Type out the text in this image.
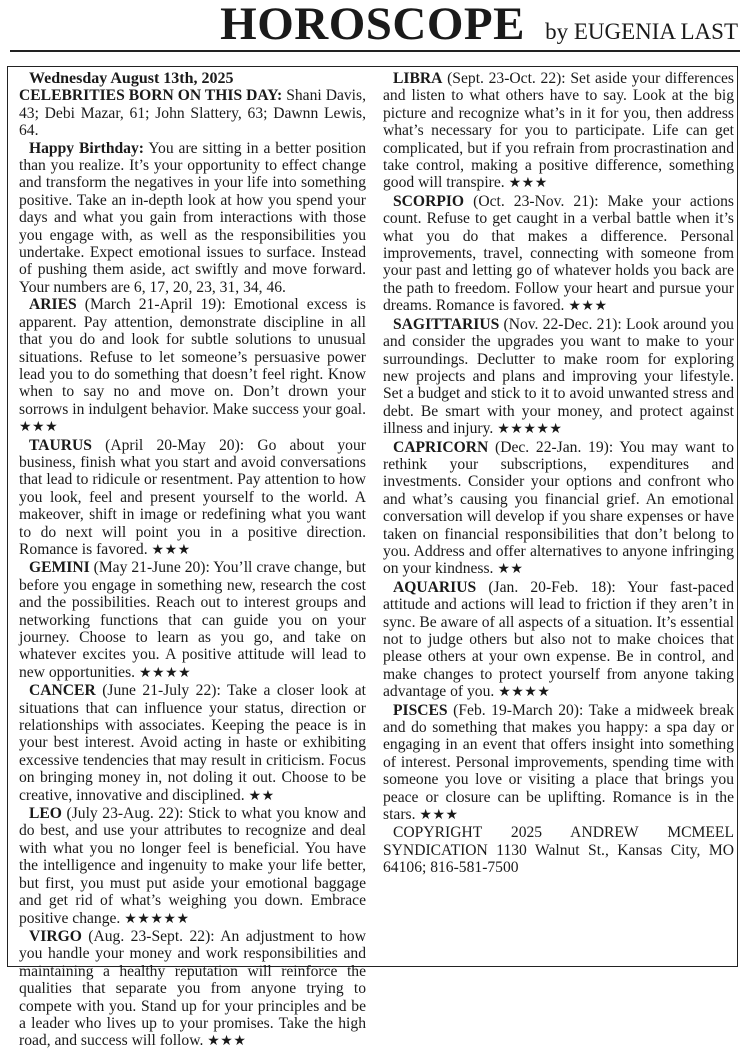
HOROSCOPE by EUGENIA LAST

Wednesday August 13th, 2025

CELEBRITIES BORN ON THIS DAY: Shani Davis, 43; Debi Mazar, 61; John Slattery, 63; Dawnn Lewis, 64.

Happy Birthday: You are sitting in a better position than you realize. It’s your opportunity to effect change and transform the negatives in your life into something positive. Take an in-depth look at how you spend your days and what you gain from interactions with those you engage with, as well as the responsibilities you undertake. Expect emotional issues to surface. Instead of pushing them aside, act swiftly and move forward. Your numbers are 6, 17, 20, 23, 31, 34, 46.

ARIES (March 21-April 19): Emotional excess is apparent. Pay attention, demonstrate discipline in all that you do and look for subtle solutions to unusual situations. Refuse to let someone’s persuasive power lead you to do something that doesn’t feel right. Know when to say no and move on. Don’t drown your sorrows in indulgent behavior. Make success your goal. ★★★

TAURUS (April 20-May 20): Go about your business, finish what you start and avoid conversations that lead to ridicule or resentment. Pay attention to how you look, feel and present yourself to the world. A makeover, shift in image or redefining what you want to do next will point you in a positive direction. Romance is favored. ★★★

GEMINI (May 21-June 20): You’ll crave change, but before you engage in something new, research the cost and the possibilities. Reach out to interest groups and networking functions that can guide you on your journey. Choose to learn as you go, and take on whatever excites you. A positive attitude will lead to new opportunities. ★★★★

CANCER (June 21-July 22): Take a closer look at situations that can influence your status, direction or relationships with associates. Keeping the peace is in your best interest. Avoid acting in haste or exhibiting excessive tendencies that may result in criticism. Focus on bringing money in, not doling it out. Choose to be creative, innovative and disciplined. ★★

LEO (July 23-Aug. 22): Stick to what you know and do best, and use your attributes to recognize and deal with what you no longer feel is beneficial. You have the intelligence and ingenuity to make your life better, but first, you must put aside your emotional baggage and get rid of what’s weighing you down. Embrace positive change. ★★★★★

VIRGO (Aug. 23-Sept. 22): An adjustment to how you handle your money and work responsibilities and maintaining a healthy reputation will reinforce the qualities that separate you from anyone trying to compete with you. Stand up for your principles and be a leader who lives up to your promises. Take the high road, and success will follow. ★★★

LIBRA (Sept. 23-Oct. 22): Set aside your differences and listen to what others have to say. Look at the big picture and recognize what’s in it for you, then address what’s necessary for you to participate. Life can get complicated, but if you refrain from procrastination and take control, making a positive difference, something good will transpire. ★★★

SCORPIO (Oct. 23-Nov. 21): Make your actions count. Refuse to get caught in a verbal battle when it’s what you do that makes a difference. Personal improvements, travel, connecting with someone from your past and letting go of whatever holds you back are the path to freedom. Follow your heart and pursue your dreams. Romance is favored. ★★★

SAGITTARIUS (Nov. 22-Dec. 21): Look around you and consider the upgrades you want to make to your surroundings. Declutter to make room for exploring new projects and plans and improving your lifestyle. Set a budget and stick to it to avoid unwanted stress and debt. Be smart with your money, and protect against illness and injury. ★★★★★

CAPRICORN (Dec. 22-Jan. 19): You may want to rethink your subscriptions, expenditures and investments. Consider your options and confront who and what’s causing you financial grief. An emotional conversation will develop if you share expenses or have taken on financial responsibilities that don’t belong to you. Address and offer alternatives to anyone infringing on your kindness. ★★

AQUARIUS (Jan. 20-Feb. 18): Your fast-paced attitude and actions will lead to friction if they aren’t in sync. Be aware of all aspects of a situation. It’s essential not to judge others but also not to make choices that please others at your own expense. Be in control, and make changes to protect yourself from anyone taking advantage of you. ★★★★

PISCES (Feb. 19-March 20): Take a midweek break and do something that makes you happy: a spa day or engaging in an event that offers insight into something of interest. Personal improvements, spending time with someone you love or visiting a place that brings you peace or closure can be uplifting. Romance is in the stars. ★★★

COPYRIGHT 2025 ANDREW MCMEEL SYNDICATION 1130 Walnut St., Kansas City, MO 64106; 816-581-7500
